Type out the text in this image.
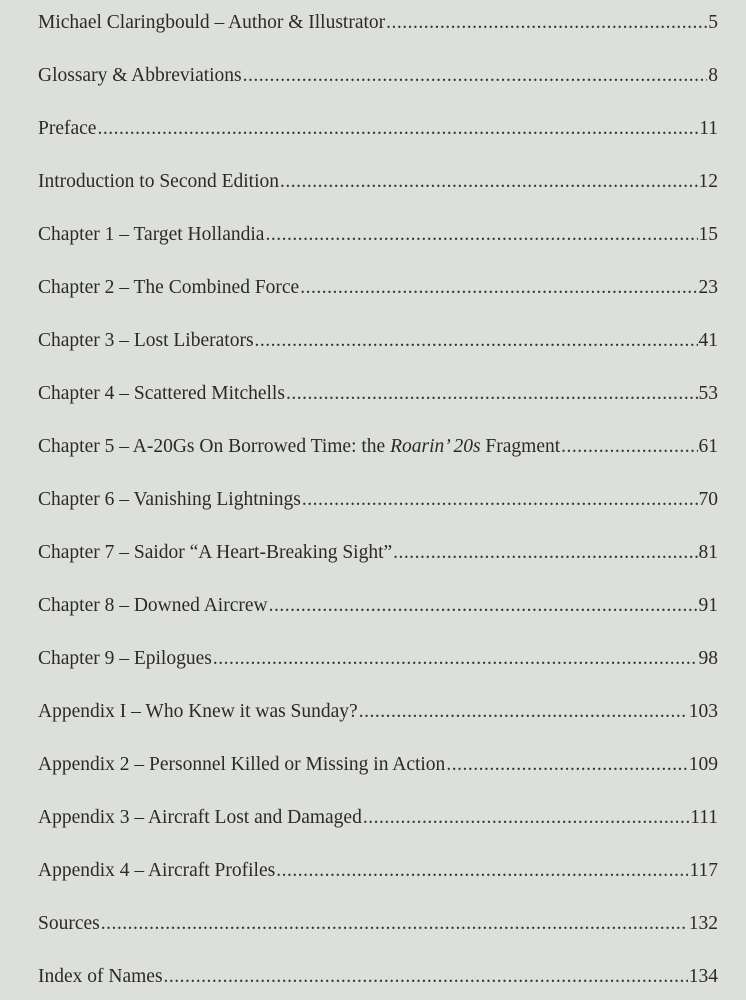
Michael Claringbould – Author & Illustrator .....	5
Glossary & Abbreviations .....	8
Preface .....	11
Introduction to Second Edition .....	12
Chapter 1 – Target Hollandia .....	15
Chapter 2 – The Combined Force .....	23
Chapter 3 – Lost Liberators .....	41
Chapter 4 – Scattered Mitchells .....	53
Chapter 5 – A-20Gs On Borrowed Time: the Roarin’ 20s Fragment .....	61
Chapter 6 – Vanishing Lightnings .....	70
Chapter 7 – Saidor “A Heart-Breaking Sight” .....	81
Chapter 8 – Downed Aircrew .....	91
Chapter 9 – Epilogues .....	98
Appendix I – Who Knew it was Sunday? .....	103
Appendix 2 – Personnel Killed or Missing in Action .....	109
Appendix 3 – Aircraft Lost and Damaged .....	111
Appendix 4 – Aircraft Profiles .....	117
Sources .....	132
Index of Names .....	134
